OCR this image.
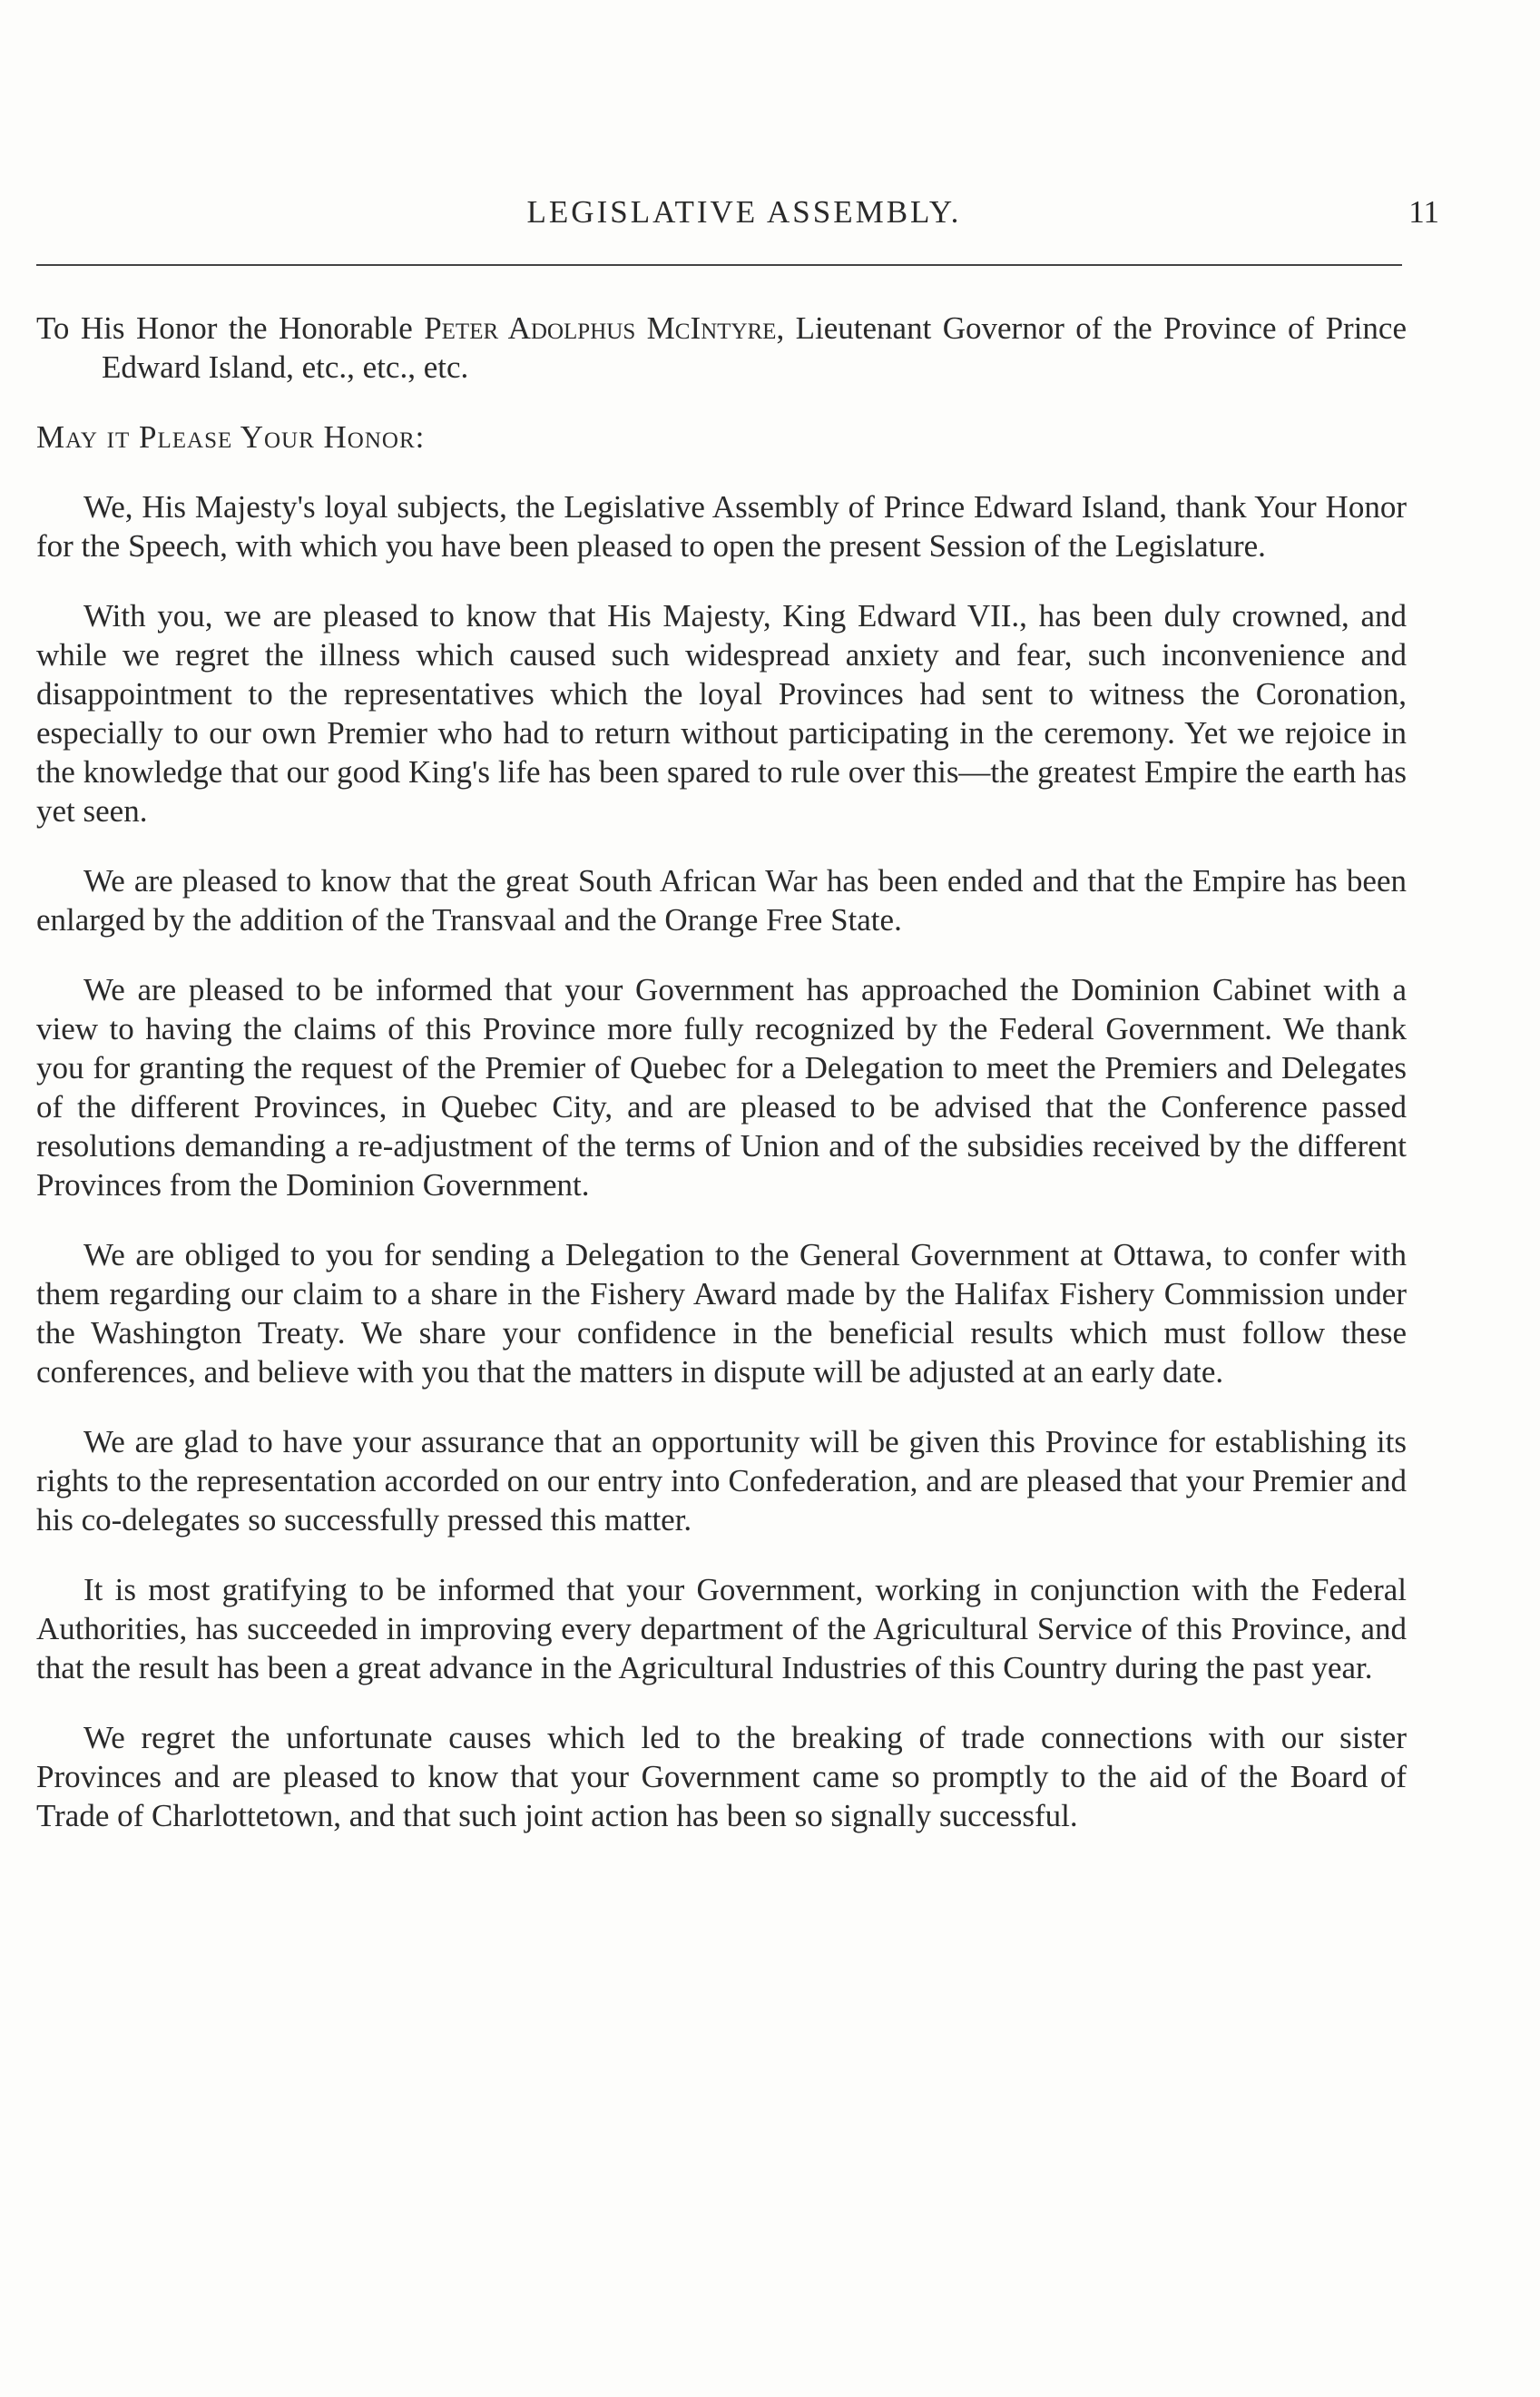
LEGISLATIVE ASSEMBLY.	11

To His Honor the Honorable Peter Adolphus McIntyre, Lieutenant Governor of the Province of Prince Edward Island, etc., etc., etc.

May it Please Your Honor:

We, His Majesty's loyal subjects, the Legislative Assembly of Prince Edward Island, thank Your Honor for the Speech, with which you have been pleased to open the present Session of the Legislature.

With you, we are pleased to know that His Majesty, King Edward VII., has been duly crowned, and while we regret the illness which caused such widespread anxiety and fear, such inconvenience and disappointment to the representatives which the loyal Provinces had sent to witness the Coronation, especially to our own Premier who had to return without participating in the ceremony. Yet we rejoice in the knowledge that our good King's life has been spared to rule over this—the greatest Empire the earth has yet seen.

We are pleased to know that the great South African War has been ended and that the Empire has been enlarged by the addition of the Transvaal and the Orange Free State.

We are pleased to be informed that your Government has approached the Dominion Cabinet with a view to having the claims of this Province more fully recognized by the Federal Government. We thank you for granting the request of the Premier of Quebec for a Delegation to meet the Premiers and Delegates of the different Provinces, in Quebec City, and are pleased to be advised that the Conference passed resolutions demanding a re-adjustment of the terms of Union and of the subsidies received by the different Provinces from the Dominion Government.

We are obliged to you for sending a Delegation to the General Government at Ottawa, to confer with them regarding our claim to a share in the Fishery Award made by the Halifax Fishery Commission under the Washington Treaty. We share your confidence in the beneficial results which must follow these conferences, and believe with you that the matters in dispute will be adjusted at an early date.

We are glad to have your assurance that an opportunity will be given this Province for establishing its rights to the representation accorded on our entry into Confederation, and are pleased that your Premier and his co-delegates so successfully pressed this matter.

It is most gratifying to be informed that your Government, working in conjunction with the Federal Authorities, has succeeded in improving every department of the Agricultural Service of this Province, and that the result has been a great advance in the Agricultural Industries of this Country during the past year.

We regret the unfortunate causes which led to the breaking of trade connections with our sister Provinces and are pleased to know that your Government came so promptly to the aid of the Board of Trade of Charlottetown, and that such joint action has been so signally successful.
